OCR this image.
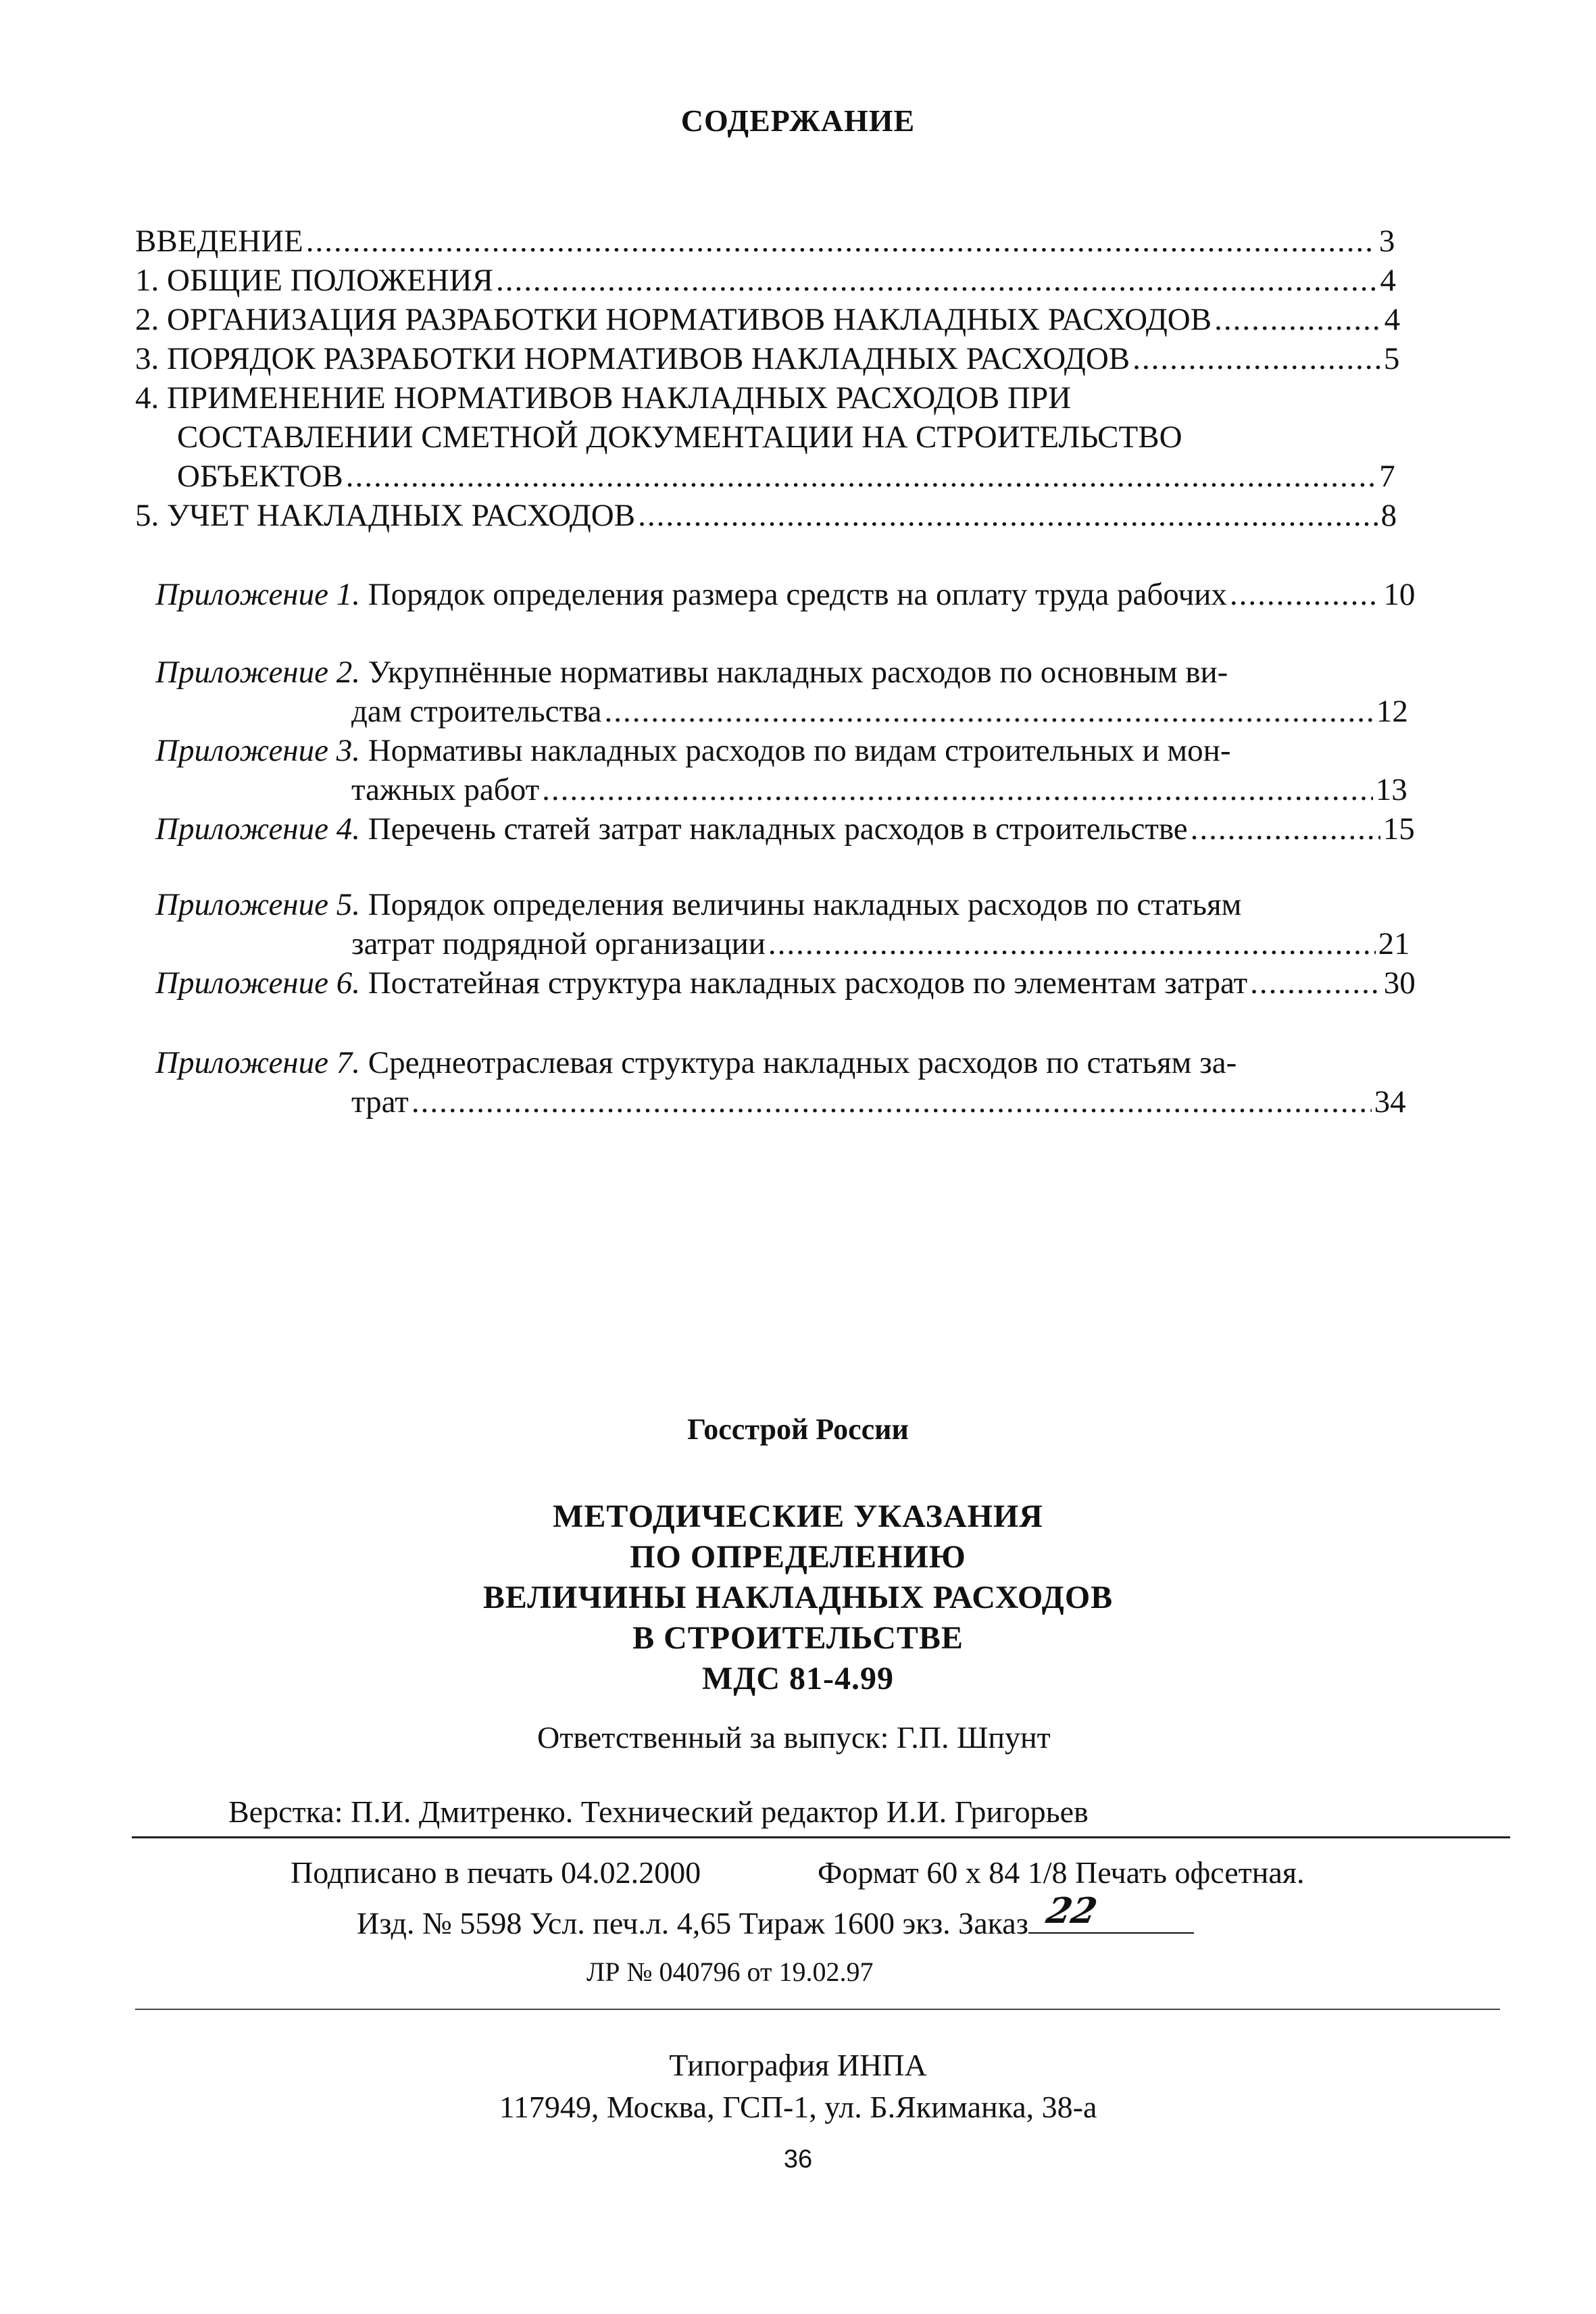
СОДЕРЖАНИЕ
ВВЕДЕНИЕ .....	3
1. ОБЩИЕ ПОЛОЖЕНИЯ .....	4
2. ОРГАНИЗАЦИЯ РАЗРАБОТКИ НОРМАТИВОВ НАКЛАДНЫХ РАСХОДОВ .....	4
3. ПОРЯДОК РАЗРАБОТКИ НОРМАТИВОВ НАКЛАДНЫХ РАСХОДОВ .....	5
4. ПРИМЕНЕНИЕ НОРМАТИВОВ НАКЛАДНЫХ РАСХОДОВ ПРИ
СОСТАВЛЕНИИ СМЕТНОЙ ДОКУМЕНТАЦИИ НА СТРОИТЕЛЬСТВО
ОБЪЕКТОВ .....	7
5. УЧЕТ НАКЛАДНЫХ РАСХОДОВ .....	8
Приложение 1. Порядок определения размера средств на оплату труда рабочих .....	10
Приложение 2. Укрупнённые нормативы накладных расходов по основным ви-
дам строительства .....	12
Приложение 3. Нормативы накладных расходов по видам строительных и мон-
тажных работ .....	13
Приложение 4. Перечень статей затрат накладных расходов в строительстве .....	15
Приложение 5. Порядок определения величины накладных расходов по статьям
затрат подрядной организации .....	21
Приложение 6. Постатейная структура накладных расходов по элементам затрат .....	30
Приложение 7. Среднеотраслевая структура накладных расходов по статьям за-
трат .....	34
Госстрой России
МЕТОДИЧЕСКИЕ УКАЗАНИЯ
ПО ОПРЕДЕЛЕНИЮ
ВЕЛИЧИНЫ НАКЛАДНЫХ РАСХОДОВ
В СТРОИТЕЛЬСТВЕ
МДС 81-4.99
Ответственный за выпуск: Г.П. Шпунт
Верстка: П.И. Дмитренко. Технический редактор И.И. Григорьев
Подписано в печать 04.02.2000	Формат 60 х 84 1/8 Печать офсетная.
Изд. № 5598 Усл. печ.л. 4,65 Тираж 1600 экз. Заказ 22
ЛР № 040796 от 19.02.97
Типография ИНПА
117949, Москва, ГСП-1, ул. Б.Якиманка, 38-а
36
